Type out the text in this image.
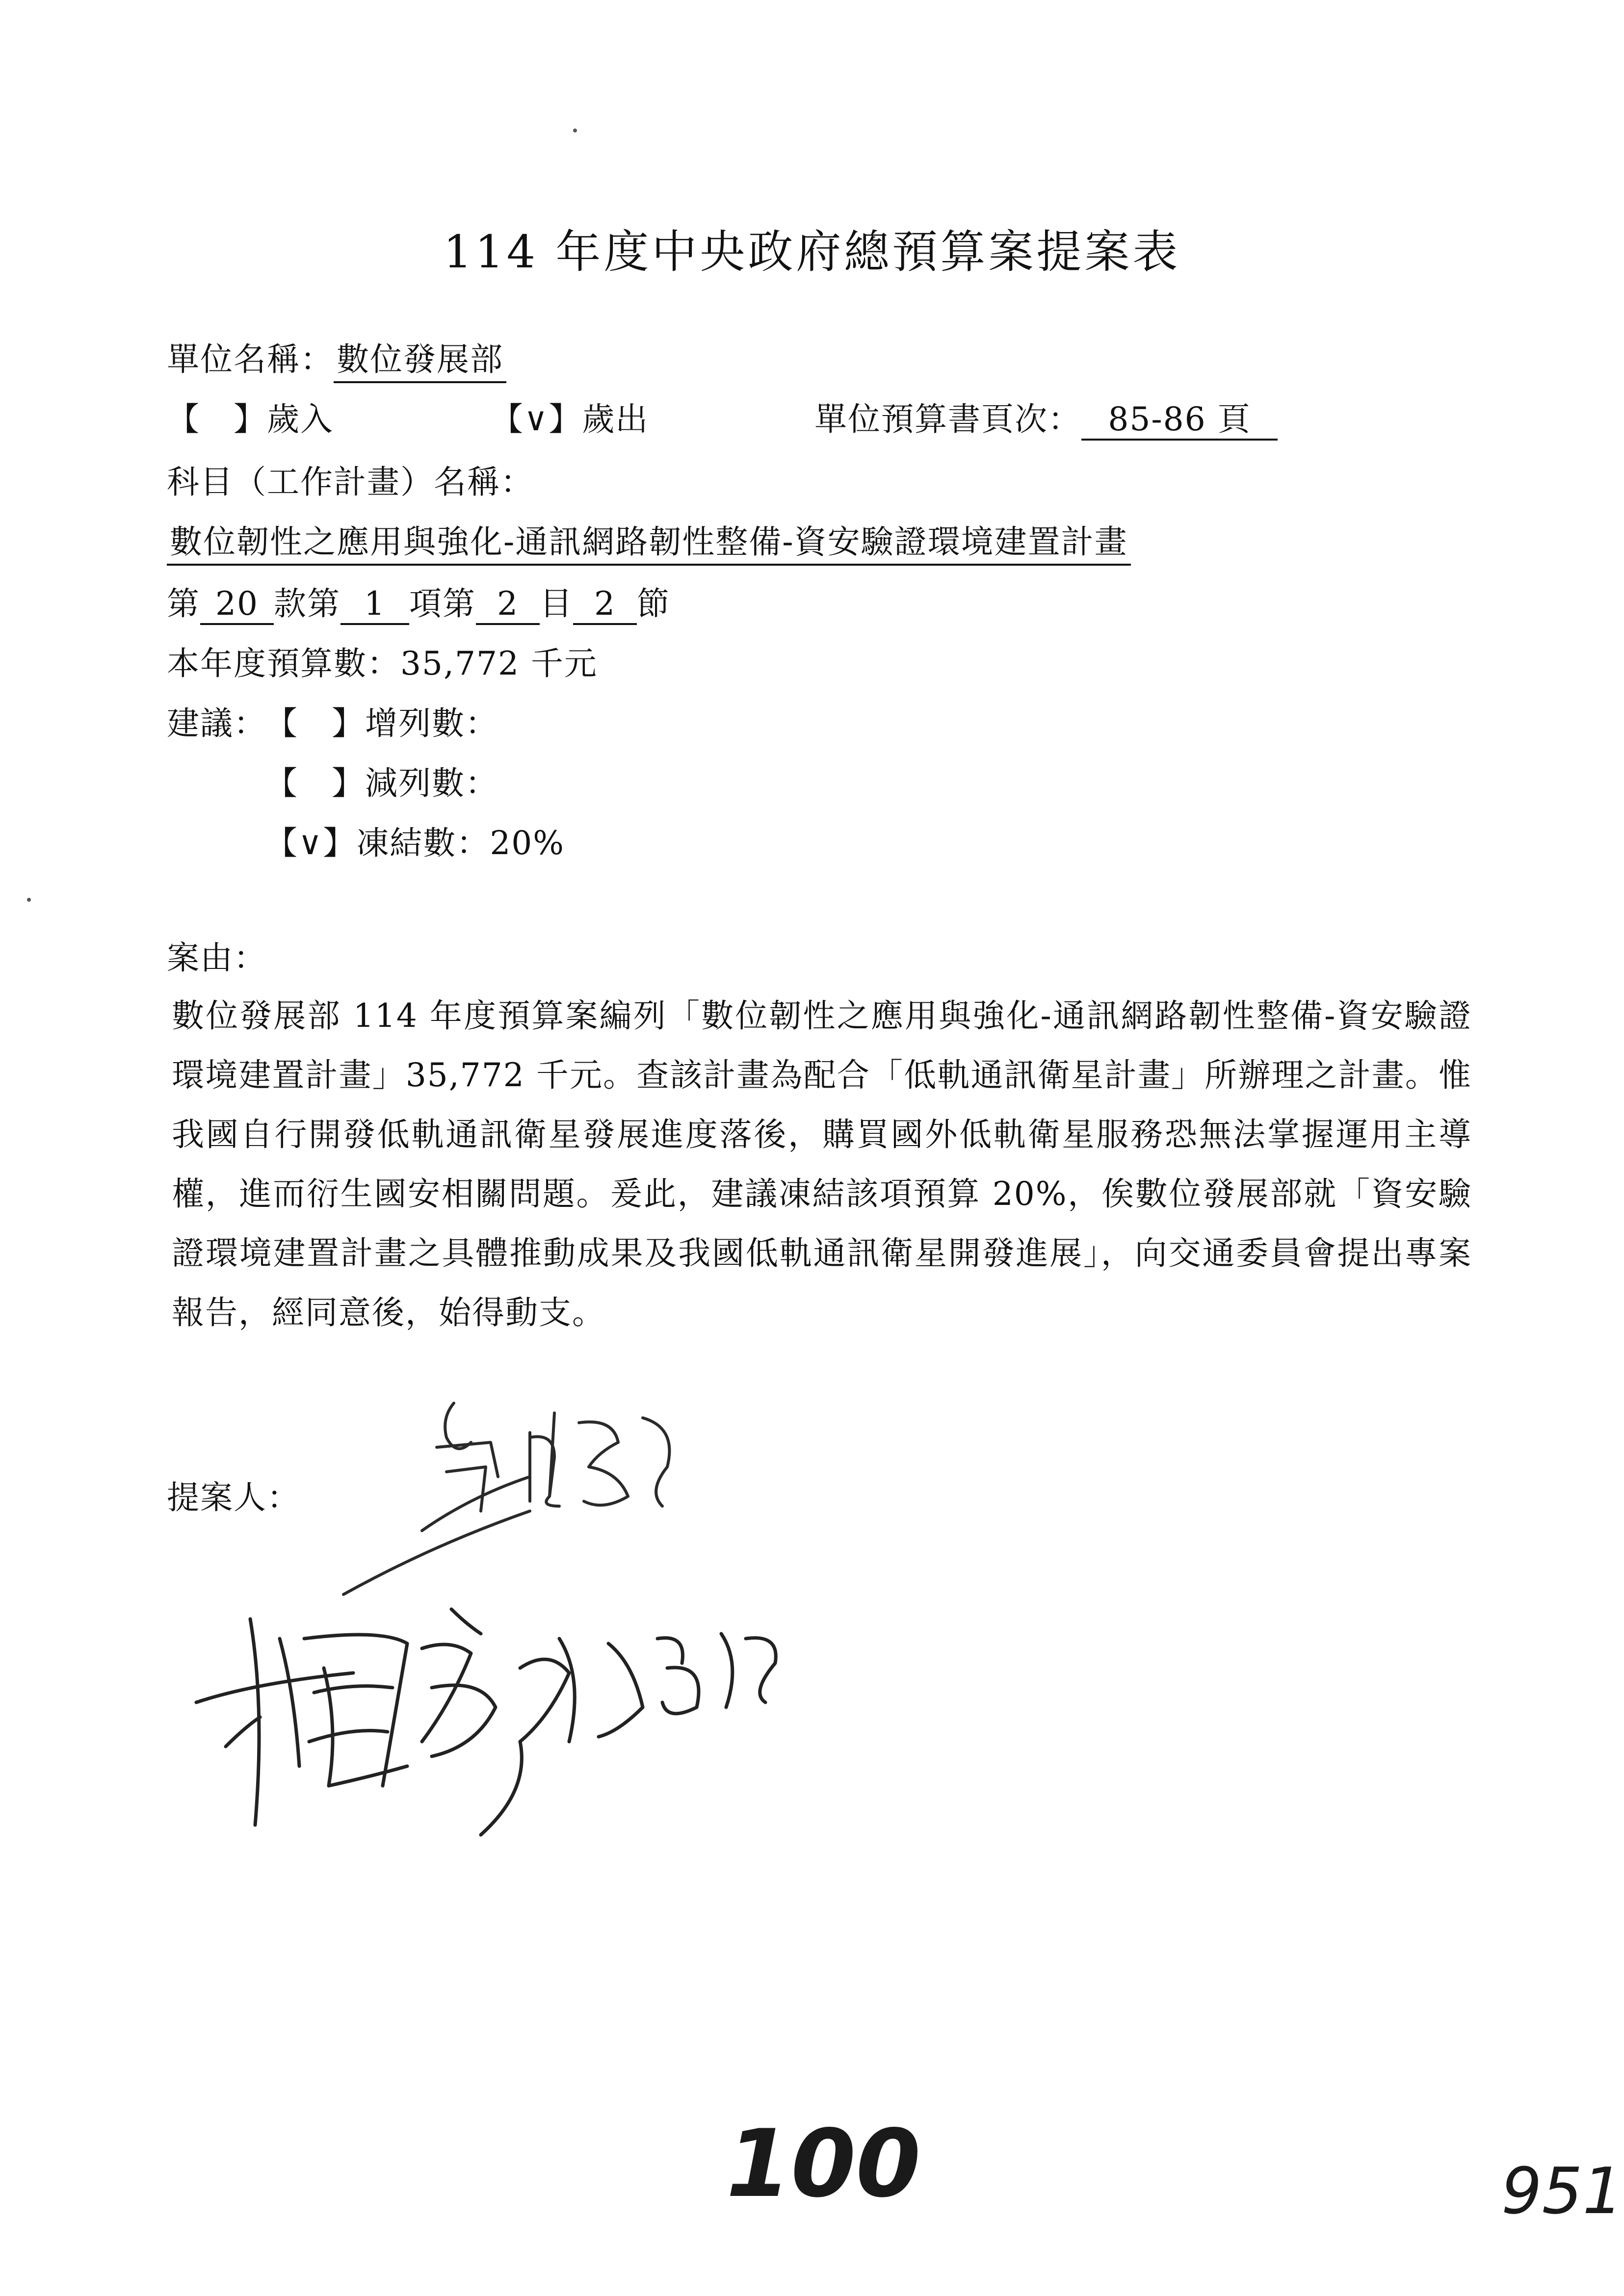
114 年度中央政府總預算案提案表
單位名稱：數位發展部
【　】歲入	【∨】歲出	單位預算書頁次： 85-86 頁
科目（工作計畫）名稱：
數位韌性之應用與強化-通訊網路韌性整備-資安驗證環境建置計畫
第 20 款第 1 項第 2 目 2 節
本年度預算數：35,772 千元
建議：
【　】增列數：
【　】減列數：
【∨】凍結數：20%
案由：
數位發展部 114 年度預算案編列「數位韌性之應用與強化-通訊網路韌性整備-資安驗證環境建置計畫」35,772 千元。查該計畫為配合「低軌通訊衛星計畫」所辦理之計畫。惟我國自行開發低軌通訊衛星發展進度落後，購買國外低軌衛星服務恐無法掌握運用主導權，進而衍生國安相關問題。爰此，建議凍結該項預算 20%，俟數位發展部就「資安驗證環境建置計畫之具體推動成果及我國低軌通訊衛星開發進展」，向交通委員會提出專案報告，經同意後，始得動支。
提案人：
100	951
